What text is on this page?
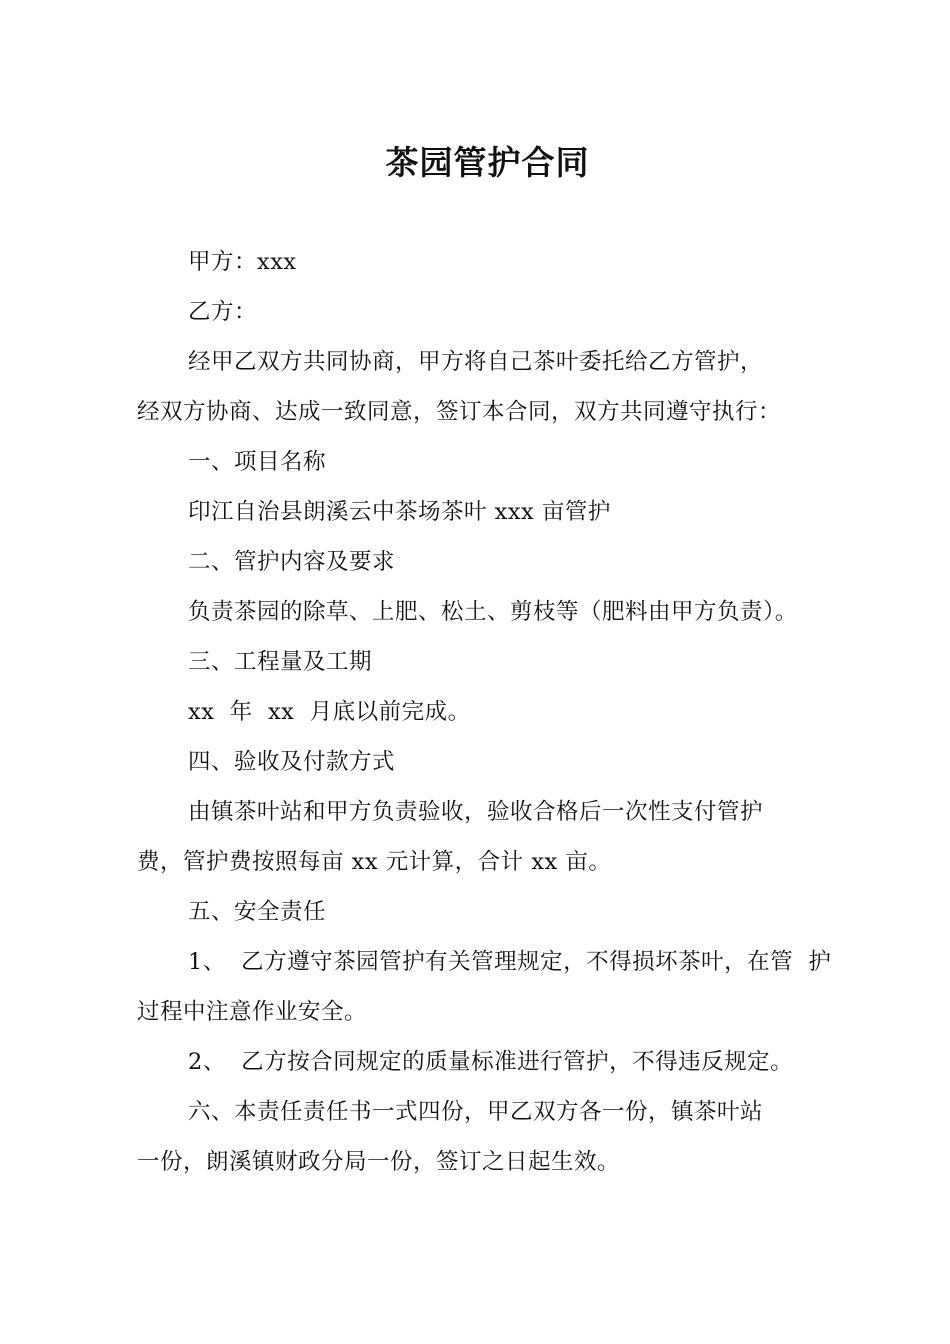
茶园管护合同
甲方：xxx
乙方：
经甲乙双方共同协商，甲方将自己茶叶委托给乙方管护，
经双方协商、达成一致同意，签订本合同，双方共同遵守执行：
一、项目名称
印江自治县朗溪云中茶场茶叶 xxx 亩管护
二、管护内容及要求
负责茶园的除草、上肥、松土、剪枝等（肥料由甲方负责）。
三、工程量及工期
xx  年  xx  月底以前完成。
四、验收及付款方式
由镇茶叶站和甲方负责验收，验收合格后一次性支付管护
费，管护费按照每亩 xx 元计算，合计 xx 亩。
五、安全责任
1、  乙方遵守茶园管护有关管理规定，不得损坏茶叶，在管  护
过程中注意作业安全。
2、  乙方按合同规定的质量标准进行管护，不得违反规定。
六、本责任责任书一式四份，甲乙双方各一份，镇茶叶站
一份，朗溪镇财政分局一份，签订之日起生效。
